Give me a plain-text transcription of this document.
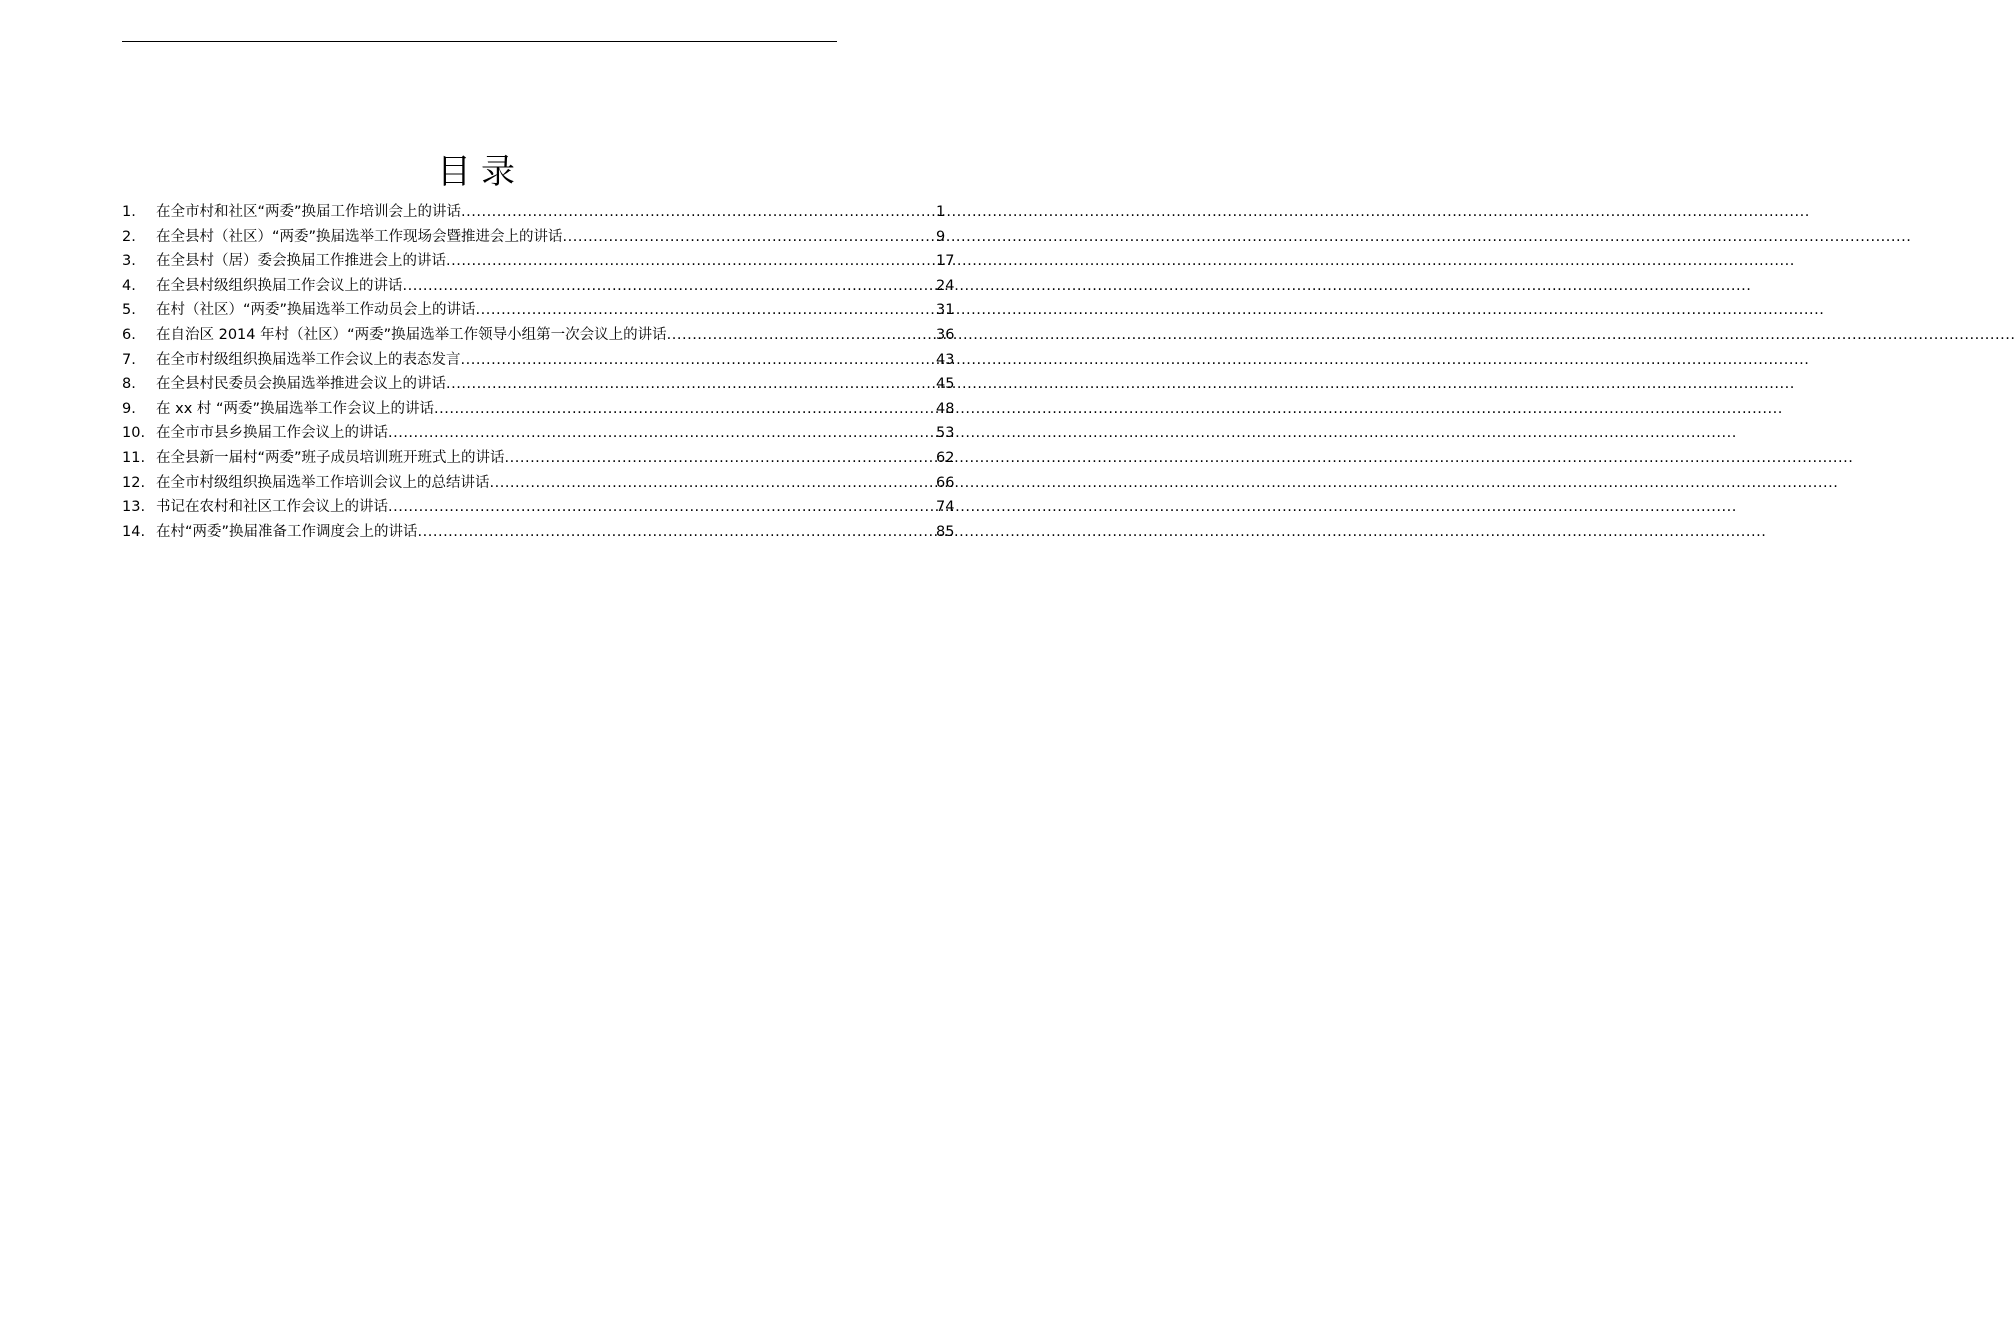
目录
1.	在全市村和社区“两委”换届工作培训会上的讲话 .....	1
2.	在全县村（社区）“两委”换届选举工作现场会暨推进会上的讲话 .....	9
3.	在全县村（居）委会换届工作推进会上的讲话 .....	17
4.	在全县村级组织换届工作会议上的讲话 .....	24
5.	在村（社区）“两委”换届选举工作动员会上的讲话 .....	31
6.	在自治区 2014 年村（社区）“两委”换届选举工作领导小组第一次会议上的讲话 .....	36
7.	在全市村级组织换届选举工作会议上的表态发言 .....	43
8.	在全县村民委员会换届选举推进会议上的讲话 .....	45
9.	在 xx 村 “两委”换届选举工作会议上的讲话 .....	48
10. 在全市市县乡换届工作会议上的讲话 .....	53
11. 在全县新一届村“两委”班子成员培训班开班式上的讲话 .....	62
12. 在全市村级组织换届选举工作培训会议上的总结讲话 .....	66
13. 书记在农村和社区工作会议上的讲话 .....	74
14. 在村“两委”换届准备工作调度会上的讲话 .....	85
